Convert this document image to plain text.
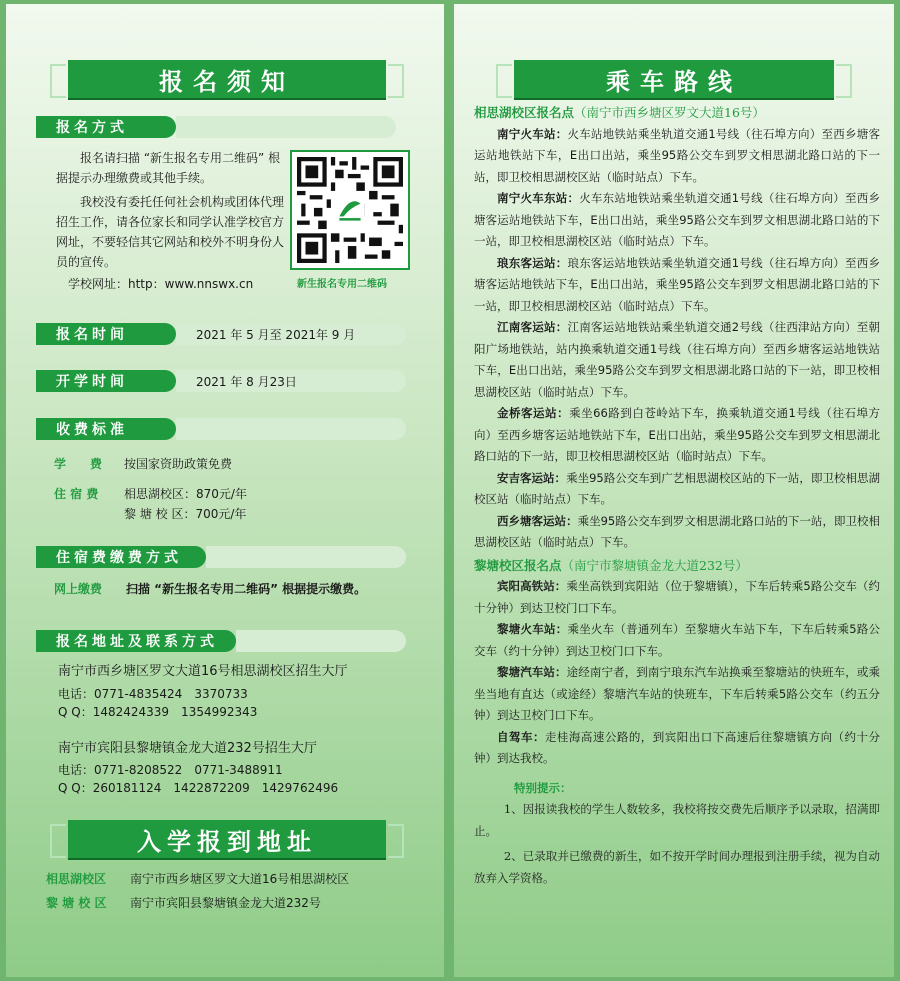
报名须知
报名方式
报名请扫描 “新生报名专用二维码” 根据提示办理缴费或其他手续。
我校没有委托任何社会机构或团体代理招生工作，请各位家长和同学认准学校官方网址，不要轻信其它网站和校外不明身份人员的宣传。
学校网址：http：www.nnswx.cn	新生报名专用二维码
报名时间	2021 年 5 月至 2021年 9 月
开学时间	2021 年 8 月23日
收费标准
学　　费 按国家资助政策免费
住 宿 费 相思湖校区：870元/年
黎 塘 校 区：700元/年
住宿费缴费方式
网上缴费 扫描 “新生报名专用二维码” 根据提示缴费。
报名地址及联系方式
南宁市西乡塘区罗文大道16号相思湖校区招生大厅
电话：0771-4835424　3370733
Q Q：1482424339　1354992343
南宁市宾阳县黎塘镇金龙大道232号招生大厅
电话：0771-8208522　0771-3488911
Q Q：260181124　1422872209　1429762496
入学报到地址
相思湖校区 南宁市西乡塘区罗文大道16号相思湖校区
黎 塘 校 区 南宁市宾阳县黎塘镇金龙大道232号
乘车路线
相思湖校区报名点（南宁市西乡塘区罗文大道16号）
南宁火车站：火车站地铁站乘坐轨道交通1号线（往石埠方向）至西乡塘客运站地铁站下车，E出口出站，乘坐95路公交车到罗文相思湖北路口站的下一站，即卫校相思湖校区站（临时站点）下车。
南宁火车东站：火车东站地铁站乘坐轨道交通1号线（往石埠方向）至西乡塘客运站地铁站下车，E出口出站，乘坐95路公交车到罗文相思湖北路口站的下一站，即卫校相思湖校区站（临时站点）下车。
琅东客运站：琅东客运站地铁站乘坐轨道交通1号线（往石埠方向）至西乡塘客运站地铁站下车，E出口出站，乘坐95路公交车到罗文相思湖北路口站的下一站，即卫校相思湖校区站（临时站点）下车。
江南客运站：江南客运站地铁站乘坐轨道交通2号线（往西津站方向）至朝阳广场地铁站，站内换乘轨道交通1号线（往石埠方向）至西乡塘客运站地铁站下车，E出口出站，乘坐95路公交车到罗文相思湖北路口站的下一站，即卫校相思湖校区站（临时站点）下车。
金桥客运站：乘坐66路到白苍岭站下车，换乘轨道交通1号线（往石埠方向）至西乡塘客运站地铁站下车，E出口出站，乘坐95路公交车到罗文相思湖北路口站的下一站，即卫校相思湖校区站（临时站点）下车。
安吉客运站：乘坐95路公交车到广艺相思湖校区站的下一站，即卫校相思湖校区站（临时站点）下车。
西乡塘客运站：乘坐95路公交车到罗文相思湖北路口站的下一站，即卫校相思湖校区站（临时站点）下车。
黎塘校区报名点（南宁市黎塘镇金龙大道232号）
宾阳高铁站：乘坐高铁到宾阳站（位于黎塘镇），下车后转乘5路公交车（约十分钟）到达卫校门口下车。
黎塘火车站：乘坐火车（普通列车）至黎塘火车站下车，下车后转乘5路公交车（约十分钟）到达卫校门口下车。
黎塘汽车站：途经南宁者，到南宁琅东汽车站换乘至黎塘站的快班车，或乘坐当地有直达（或途经）黎塘汽车站的快班车，下车后转乘5路公交车（约五分钟）到达卫校门口下车。
自驾车：走桂海高速公路的，到宾阳出口下高速后往黎塘镇方向（约十分钟）到达我校。
特别提示：
1、因报读我校的学生人数较多，我校将按交费先后顺序予以录取，招满即止。
2、已录取并已缴费的新生，如不按开学时间办理报到注册手续，视为自动放弃入学资格。
